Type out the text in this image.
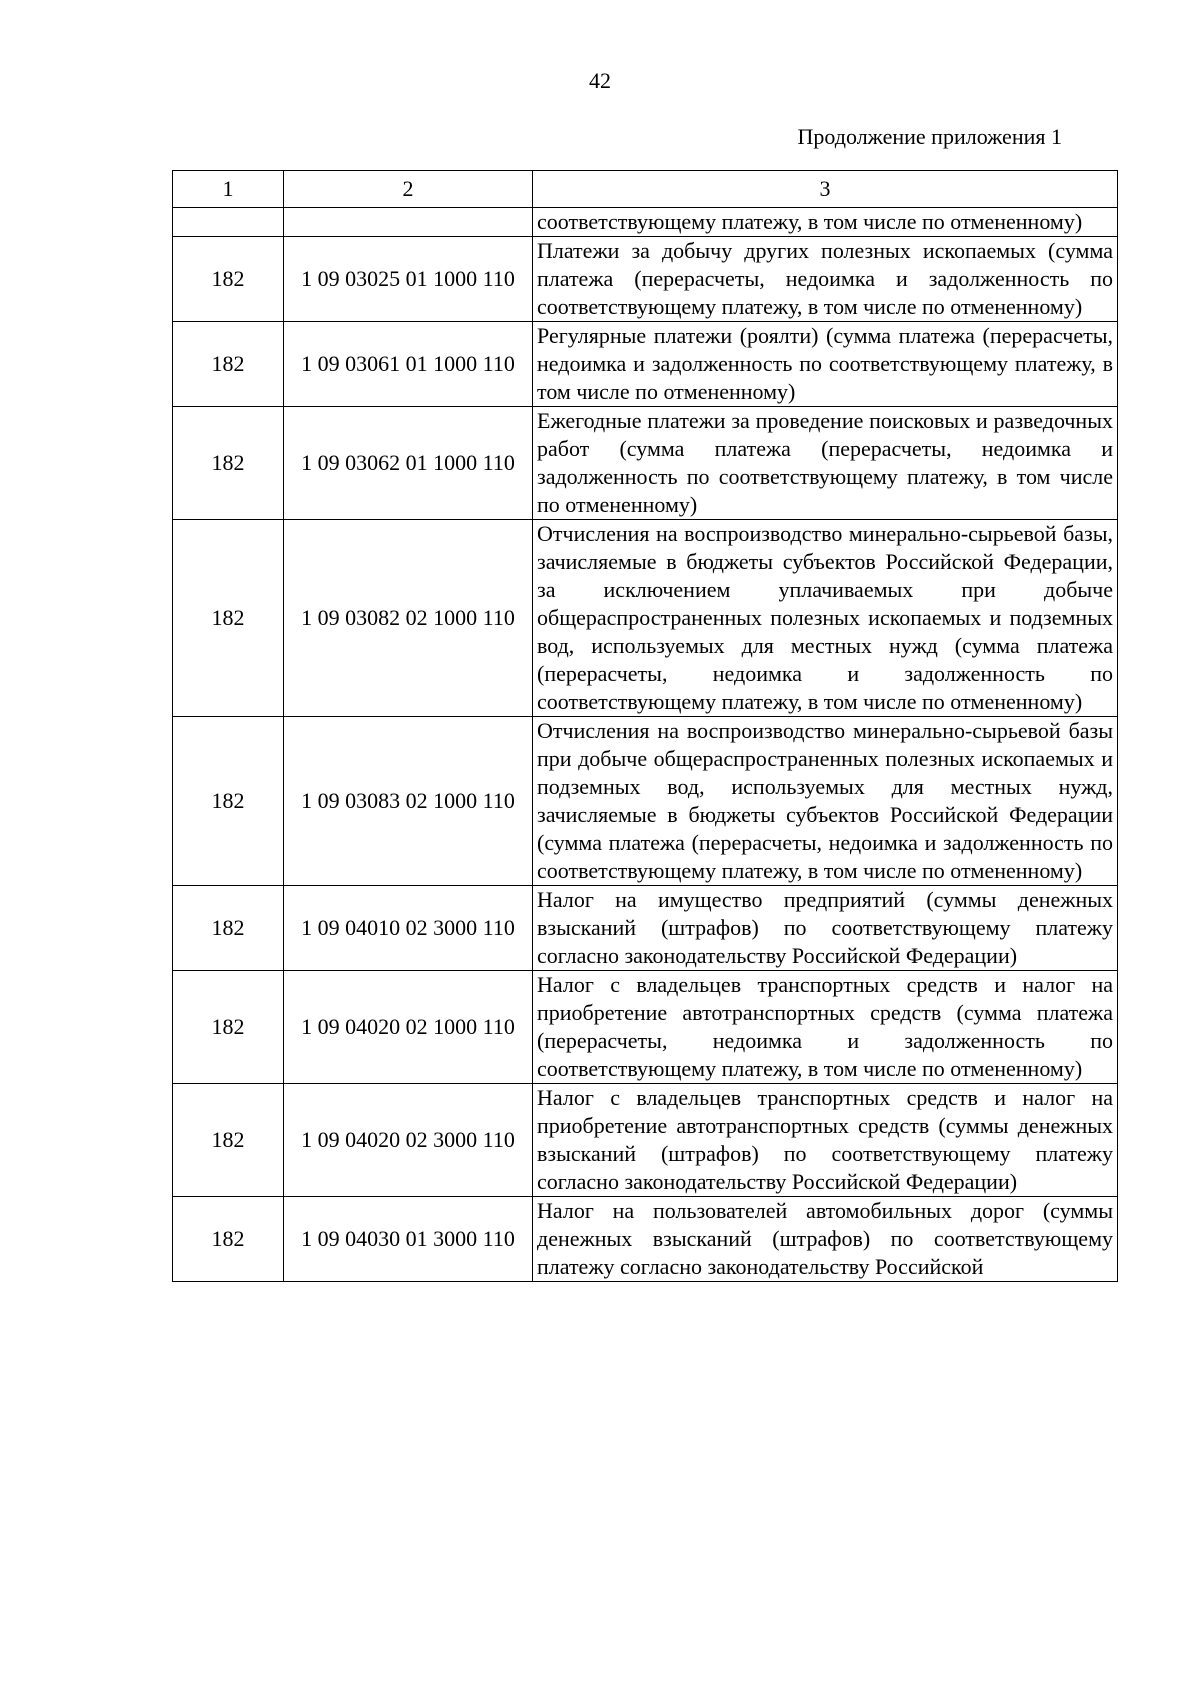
42
Продолжение приложения 1
1	2	3
		соответствующему платежу, в том числе по отмененному)
182	1 09 03025 01 1000 110	Платежи за добычу других полезных ископаемых (сумма платежа (перерасчеты, недоимка и задолженность по соответствующему платежу, в том числе по отмененному)
182	1 09 03061 01 1000 110	Регулярные платежи (роялти) (сумма платежа (перерасчеты, недоимка и задолженность по соответствующему платежу, в том числе по отмененному)
182	1 09 03062 01 1000 110	Ежегодные платежи за проведение поисковых и разведочных работ (сумма платежа (перерасчеты, недоимка и задолженность по соответствующему платежу, в том числе по отмененному)
182	1 09 03082 02 1000 110	Отчисления на воспроизводство минерально-сырьевой базы, зачисляемые в бюджеты субъектов Российской Федерации, за исключением уплачиваемых при добыче общераспространенных полезных ископаемых и подземных вод, используемых для местных нужд (сумма платежа (перерасчеты, недоимка и задолженность по соответствующему платежу, в том числе по отмененному)
182	1 09 03083 02 1000 110	Отчисления на воспроизводство минерально-сырьевой базы при добыче общераспространенных полезных ископаемых и подземных вод, используемых для местных нужд, зачисляемые в бюджеты субъектов Российской Федерации (сумма платежа (перерасчеты, недоимка и задолженность по соответствующему платежу, в том числе по отмененному)
182	1 09 04010 02 3000 110	Налог на имущество предприятий (суммы денежных взысканий (штрафов) по соответствующему платежу согласно законодательству Российской Федерации)
182	1 09 04020 02 1000 110	Налог с владельцев транспортных средств и налог на приобретение автотранспортных средств (сумма платежа (перерасчеты, недоимка и задолженность по соответствующему платежу, в том числе по отмененному)
182	1 09 04020 02 3000 110	Налог с владельцев транспортных средств и налог на приобретение автотранспортных средств (суммы денежных взысканий (штрафов) по соответствующему платежу согласно законодательству Российской Федерации)
182	1 09 04030 01 3000 110	Налог на пользователей автомобильных дорог (суммы денежных взысканий (штрафов) по соответствующему платежу согласно законодательству Российской
